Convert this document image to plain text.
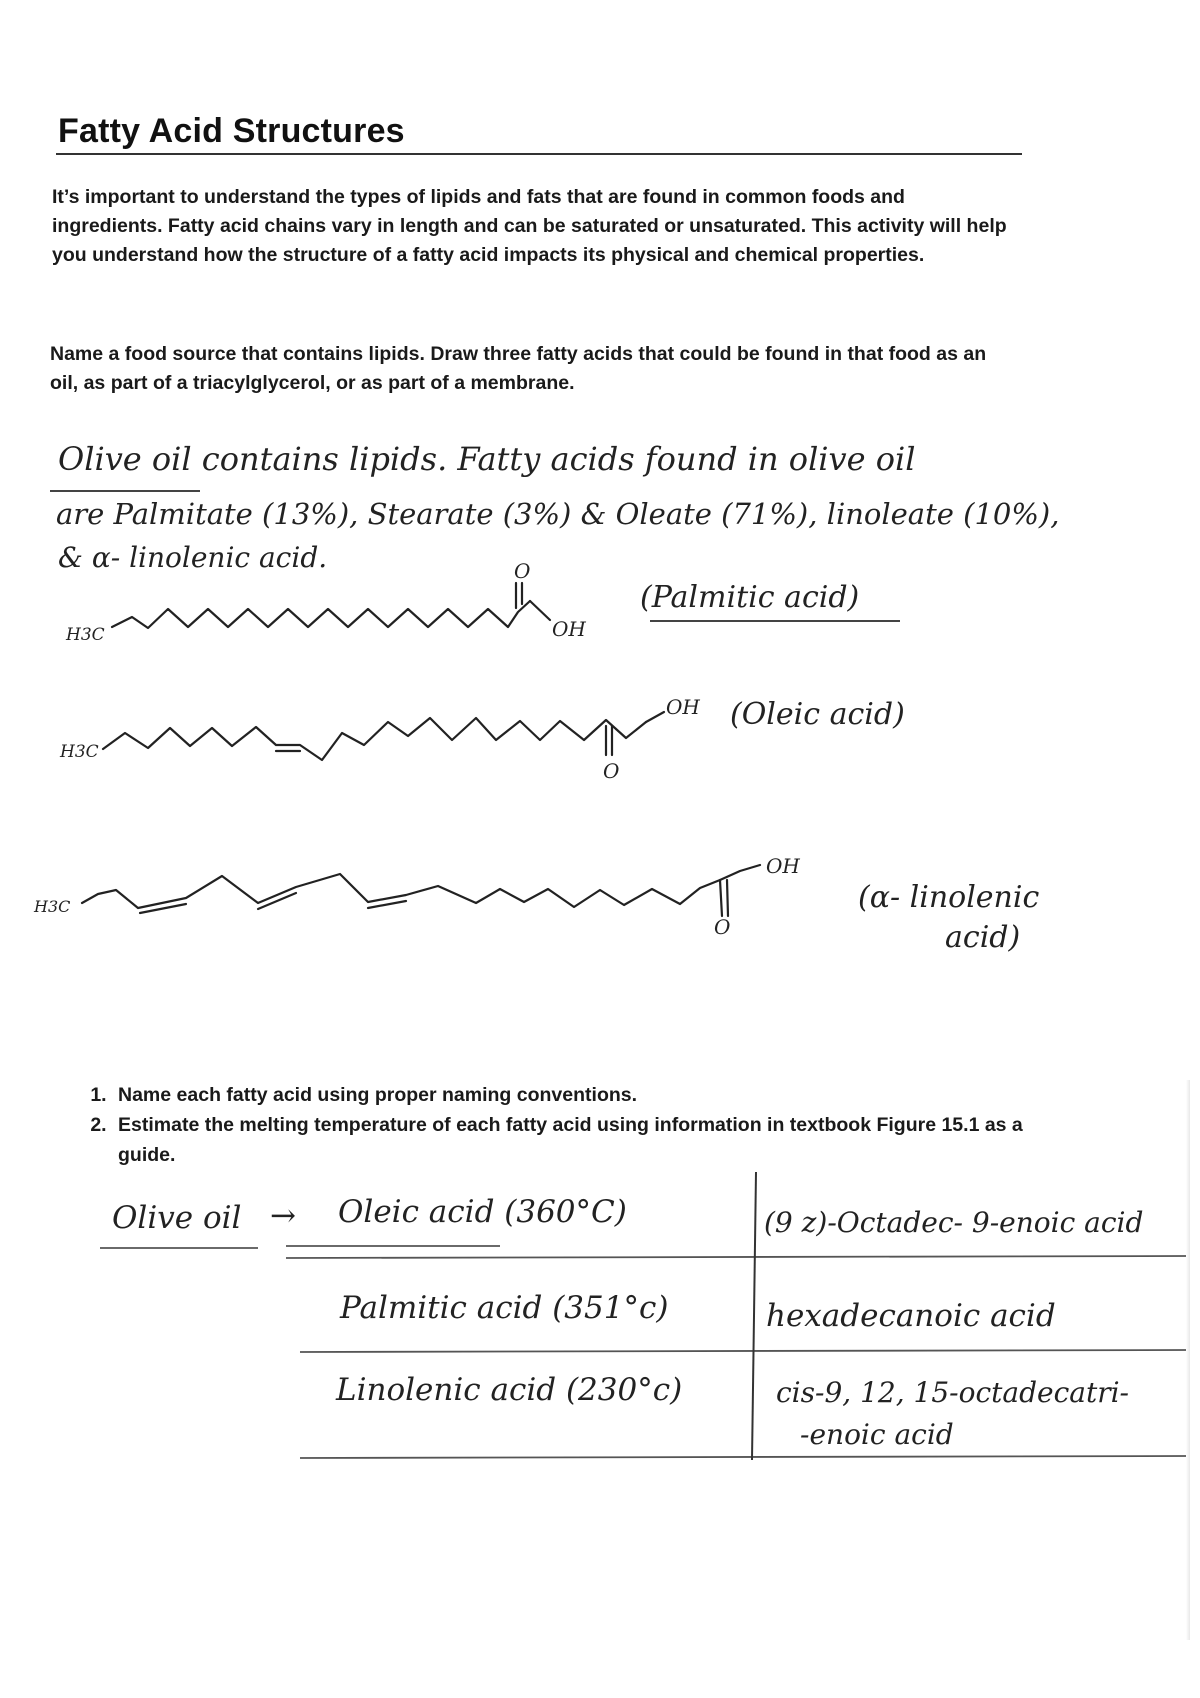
Fatty Acid Structures
It’s important to understand the types of lipids and fats that are found in common foods and ingredients. Fatty acid chains vary in length and can be saturated or unsaturated. This activity will help you understand how the structure of a fatty acid impacts its physical and chemical properties.
Name a food source that contains lipids. Draw three fatty acids that could be found in that food as an oil, as part of a triacylglycerol, or as part of a membrane.
Olive oil contains lipids. Fatty acids found in olive oil
are Palmitate (13%), Stearate (3%) & Oleate (71%), linoleate (10%),
& α- linolenic acid.	O
H3C	OH
H3C
OH
O
H3C
OH
O
(Palmitic acid)
(Oleic acid)
(α- linolenic
acid)
1. Name each fatty acid using proper naming conventions.
2. Estimate the melting temperature of each fatty acid using information in textbook Figure 15.1 as a guide.
Olive oil → Oleic acid (360°C)	(9 z)-Octadec- 9-enoic acid
Palmitic acid (351°c)	hexadecanoic acid
Linolenic acid (230°c)	cis-9, 12, 15-octadecatri-
-enoic acid
